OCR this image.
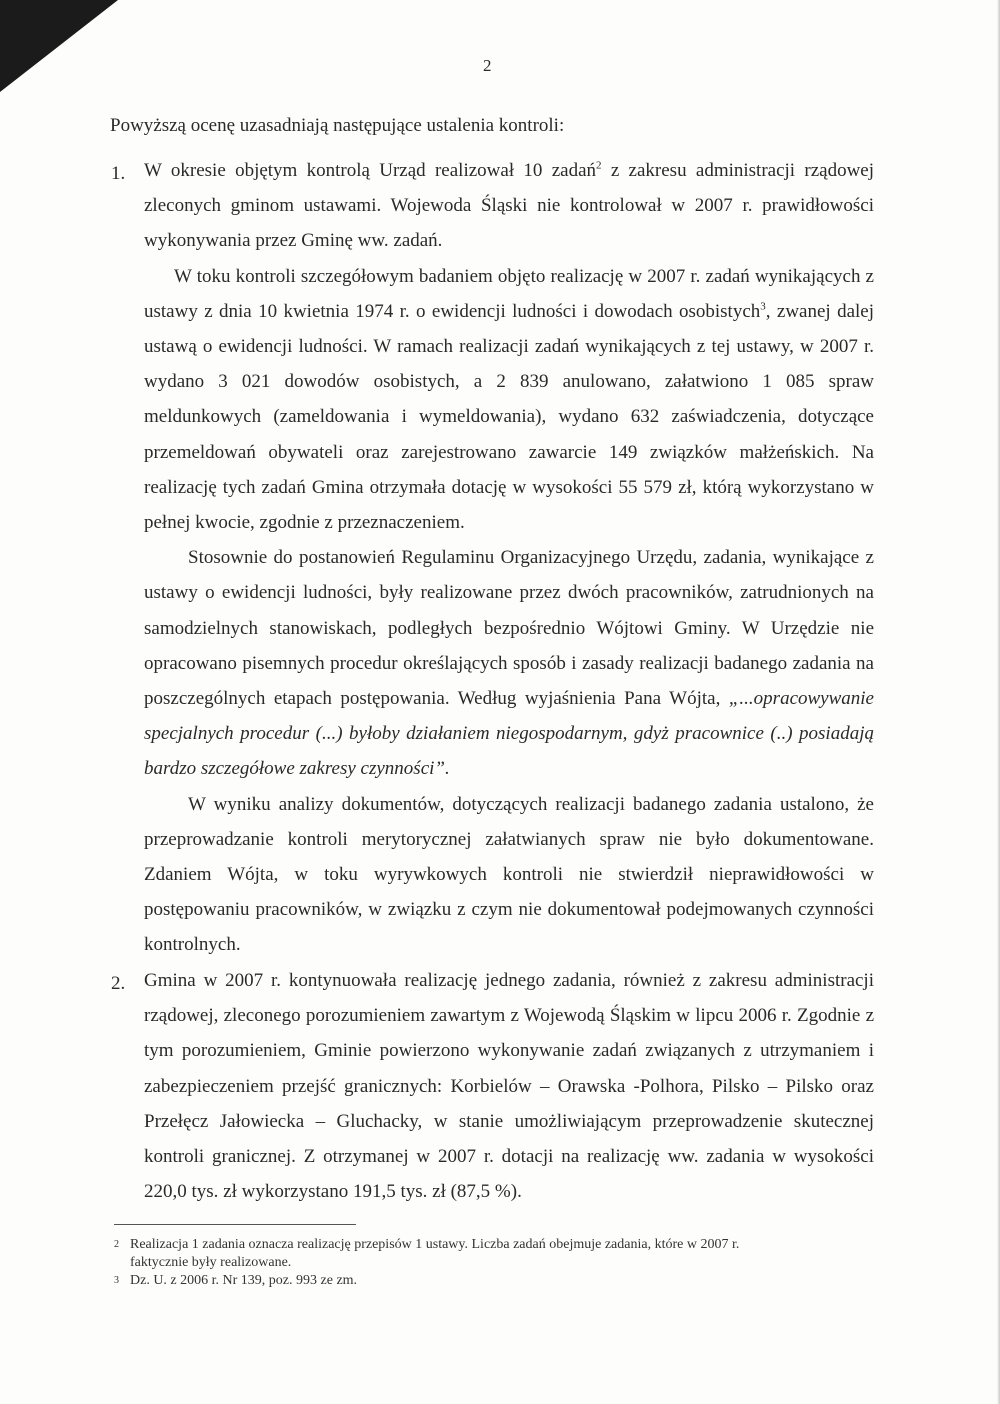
2
Powyższą ocenę uzasadniają następujące ustalenia kontroli:
1. W okresie objętym kontrolą Urząd realizował 10 zadań$^2$ z zakresu administracji rządowej zleconych gminom ustawami. Wojewoda Śląski nie kontrolował w 2007 r. prawidłowości wykonywania przez Gminę ww. zadań.

W toku kontroli szczegółowym badaniem objęto realizację w 2007 r. zadań wynikających z ustawy z dnia 10 kwietnia 1974 r. o ewidencji ludności i dowodach osobistych$^3$, zwanej dalej ustawą o ewidencji ludności. W ramach realizacji zadań wynikających z tej ustawy, w 2007 r. wydano 3 021 dowodów osobistych, a 2 839 anulowano, załatwiono 1 085 spraw meldunkowych (zameldowania i wymeldowania), wydano 632 zaświadczenia, dotyczące przemeldowań obywateli oraz zarejestrowano zawarcie 149 związków małżeńskich. Na realizację tych zadań Gmina otrzymała dotację w wysokości 55 579 zł, którą wykorzystano w pełnej kwocie, zgodnie z przeznaczeniem.

Stosownie do postanowień Regulaminu Organizacyjnego Urzędu, zadania, wynikające z ustawy o ewidencji ludności, były realizowane przez dwóch pracowników, zatrudnionych na samodzielnych stanowiskach, podległych bezpośrednio Wójtowi Gminy. W Urzędzie nie opracowano pisemnych procedur określających sposób i zasady realizacji badanego zadania na poszczególnych etapach postępowania. Według wyjaśnienia Pana Wójta, „...opracowywanie specjalnych procedur (...) byłoby działaniem niegospodarnym, gdyż pracownice (..) posiadają bardzo szczegółowe zakresy czynności”.

W wyniku analizy dokumentów, dotyczących realizacji badanego zadania ustalono, że przeprowadzanie kontroli merytorycznej załatwianych spraw nie było dokumentowane. Zdaniem Wójta, w toku wyrywkowych kontroli nie stwierdził nieprawidłowości w postępowaniu pracowników, w związku z czym nie dokumentował podejmowanych czynności kontrolnych.

2. Gmina w 2007 r. kontynuowała realizację jednego zadania, również z zakresu administracji rządowej, zleconego porozumieniem zawartym z Wojewodą Śląskim w lipcu 2006 r. Zgodnie z tym porozumieniem, Gminie powierzono wykonywanie zadań związanych z utrzymaniem i zabezpieczeniem przejść granicznych: Korbielów – Orawska -Polhora, Pilsko – Pilsko oraz Przełęcz Jałowiecka – Gluchacky, w stanie umożliwiającym przeprowadzenie skutecznej kontroli granicznej. Z otrzymanej w 2007 r. dotacji na realizację ww. zadania w wysokości 220,0 tys. zł wykorzystano 191,5 tys. zł (87,5 %).

2 Realizacja 1 zadania oznacza realizację przepisów 1 ustawy. Liczba zadań obejmuje zadania, które w 2007 r.
faktycznie były realizowane.
3 Dz. U. z 2006 r. Nr 139, poz. 993 ze zm.
